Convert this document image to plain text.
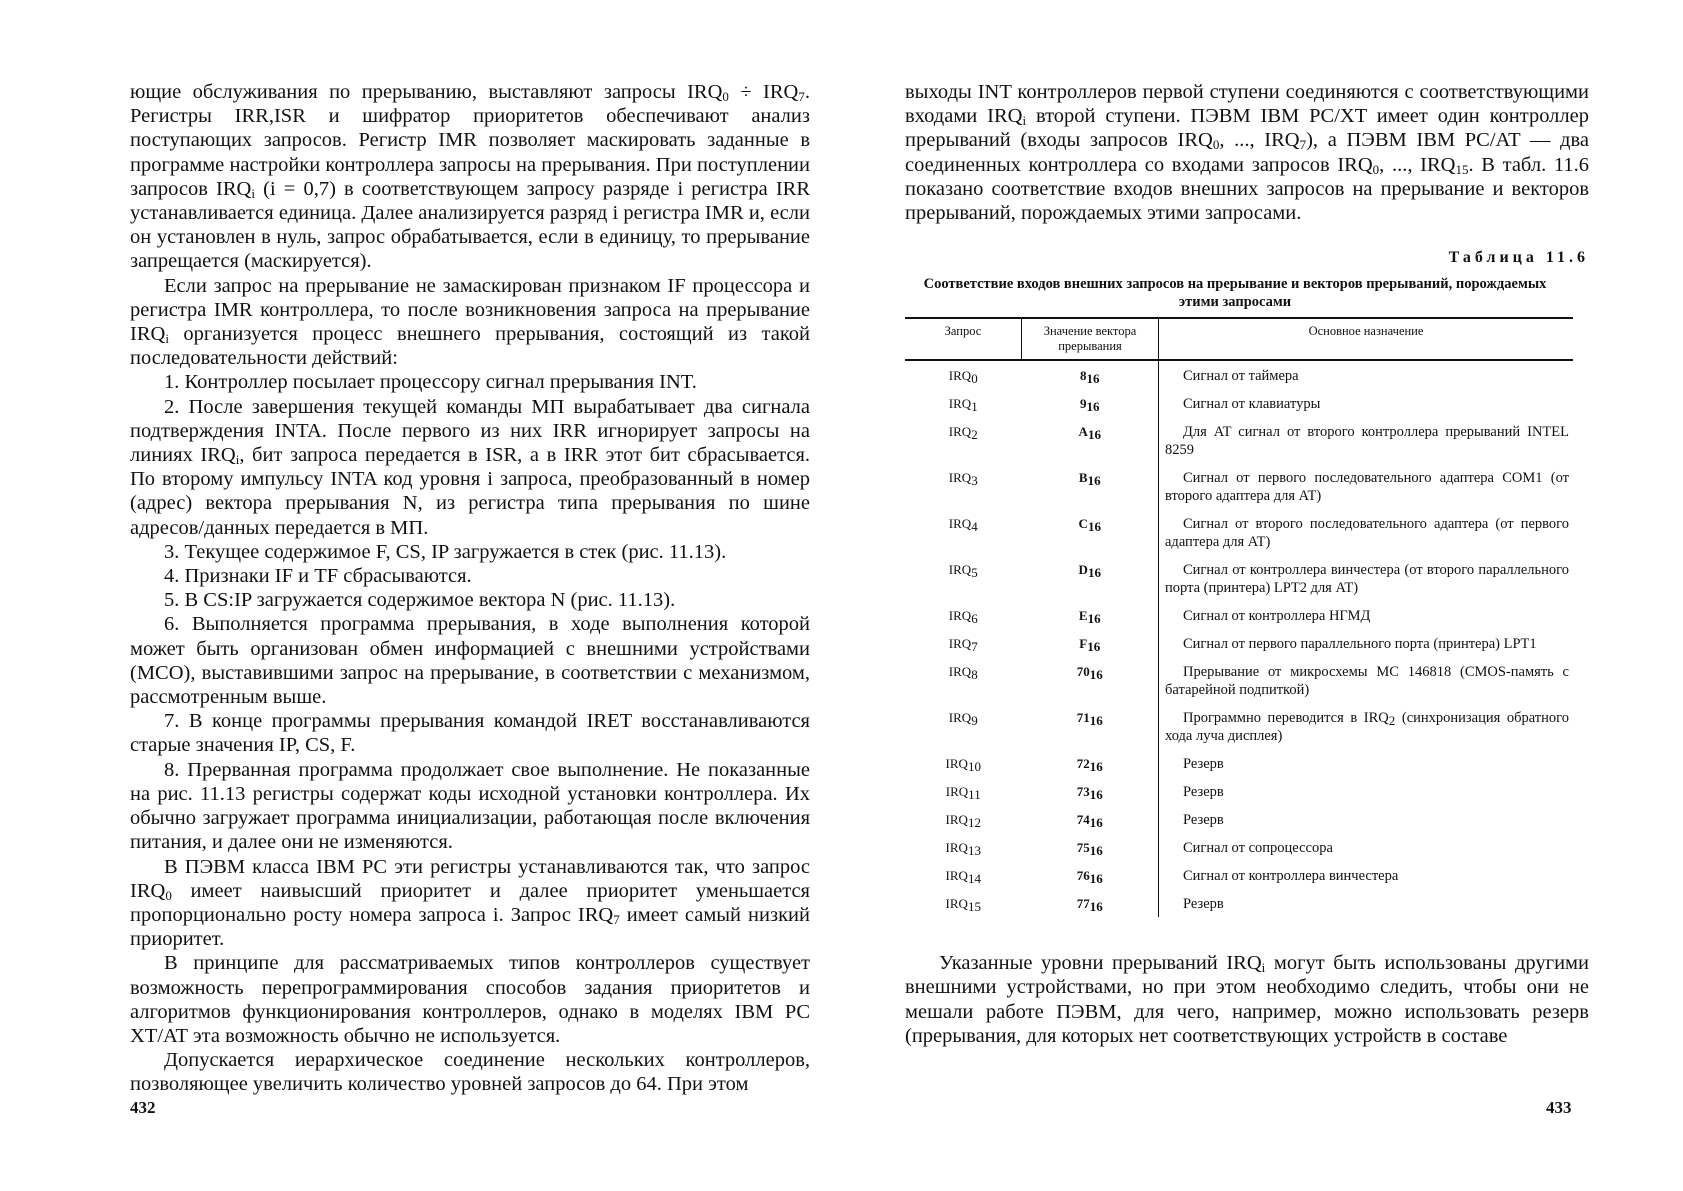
ющие обслуживания по прерыванию, выставляют запросы $IRQ_0 \div IRQ_7$. Регистры IRR,ISR и шифратор приоритетов обеспечивают анализ поступающих запросов. Регистр IMR позволяет маскировать заданные в программе настройки контроллера запросы на прерывания. При поступлении запросов $IRQ_i$ (i = 0,7) в соответствующем запросу разряде i регистра IRR устанавливается единица. Далее анализируется разряд i регистра IMR и, если он установлен в нуль, запрос обрабатывается, если в единицу, то прерывание запрещается (маскируется).

Если запрос на прерывание не замаскирован признаком IF процессора и регистра IMR контроллера, то после возникновения запроса на прерывание $IRQ_i$ организуется процесс внешнего прерывания, состоящий из такой последовательности действий:

1. Контроллер посылает процессору сигнал прерывания INT.

2. После завершения текущей команды МП вырабатывает два сигнала подтверждения INTA. После первого из них IRR игнорирует запросы на линиях $IRQ_i$, бит запроса передается в ISR, а в IRR этот бит сбрасывается. По второму импульсу INTA код уровня i запроса, преобразованный в номер (адрес) вектора прерывания N, из регистра типа прерывания по шине адресов/данных передается в МП.

3. Текущее содержимое F, CS, IP загружается в стек (рис. 11.13).

4. Признаки IF и TF сбрасываются.

5. В CS:IP загружается содержимое вектора N (рис. 11.13).

6. Выполняется программа прерывания, в ходе выполнения которой может быть организован обмен информацией с внешними устройствами (МСО), выставившими запрос на прерывание, в соответствии с механизмом, рассмотренным выше.

7. В конце программы прерывания командой IRET восстанавливаются старые значения IP, CS, F.

8. Прерванная программа продолжает свое выполнение. Не показанные на рис. 11.13 регистры содержат коды исходной установки контроллера. Их обычно загружает программа инициализации, работающая после включения питания, и далее они не изменяются.

В ПЭВМ класса IBM PC эти регистры устанавливаются так, что запрос $IRQ_0$ имеет наивысший приоритет и далее приоритет уменьшается пропорционально росту номера запроса i. Запрос $IRQ_7$ имеет самый низкий приоритет.

В принципе для рассматриваемых типов контроллеров существует возможность перепрограммирования способов задания приоритетов и алгоритмов функционирования контроллеров, однако в моделях IBM PC XT/AT эта возможность обычно не используется.

Допускается иерархическое соединение нескольких контроллеров, позволяющее увеличить количество уровней запросов до 64. При этом

432

выходы INT контроллеров первой ступени соединяются с соответствующими входами $IRQ_i$ второй ступени. ПЭВМ IBM PC/XT имеет один контроллер прерываний (входы запросов $IRQ_0$, ..., $IRQ_7$), а ПЭВМ IBM PC/AT — два соединенных контроллера со входами запросов $IRQ_0$, ..., $IRQ_{15}$. В табл. 11.6 показано соответствие входов внешних запросов на прерывание и векторов прерываний, порождаемых этими запросами.

Таблица 11.6
Соответствие входов внешних запросов на прерывание и векторов прерываний, порождаемых этими запросами
Запрос	Значение вектора прерывания	Основное назначение
IRQ0	816	Сигнал от таймера

IRQ1	916	Сигнал от клавиатуры

IRQ2	A16	Для AT сигнал от второго контроллера прерываний INTEL 8259

IRQ3	B16	Сигнал от первого последовательного адаптера COM1 (от второго адаптера для AT)

IRQ4	C16	Сигнал от второго последовательного адаптера (от первого адаптера для AT)

IRQ5	D16	Сигнал от контроллера винчестера (от второго параллельного порта (принтера) LPT2 для AT)

IRQ6	E16	Сигнал от контроллера НГМД

IRQ7	F16	Сигнал от первого параллельного порта (принтера) LPT1

IRQ8	7016	Прерывание от микросхемы MC 146818 (CMOS-память с батарейной подпиткой)

IRQ9	7116	Программно переводится в IRQ2 (синхронизация обратного хода луча дисплея)

IRQ10	7216	Резерв

IRQ11	7316	Резерв

IRQ12	7416	Резерв

IRQ13	7516	Сигнал от сопроцессора

IRQ14	7616	Сигнал от контроллера винчестера

IRQ15	7716	Резерв

Указанные уровни прерываний $IRQ_i$ могут быть использованы другими внешними устройствами, но при этом необходимо следить, чтобы они не мешали работе ПЭВМ, для чего, например, можно использовать резерв (прерывания, для которых нет соответствующих устройств в составе

433
